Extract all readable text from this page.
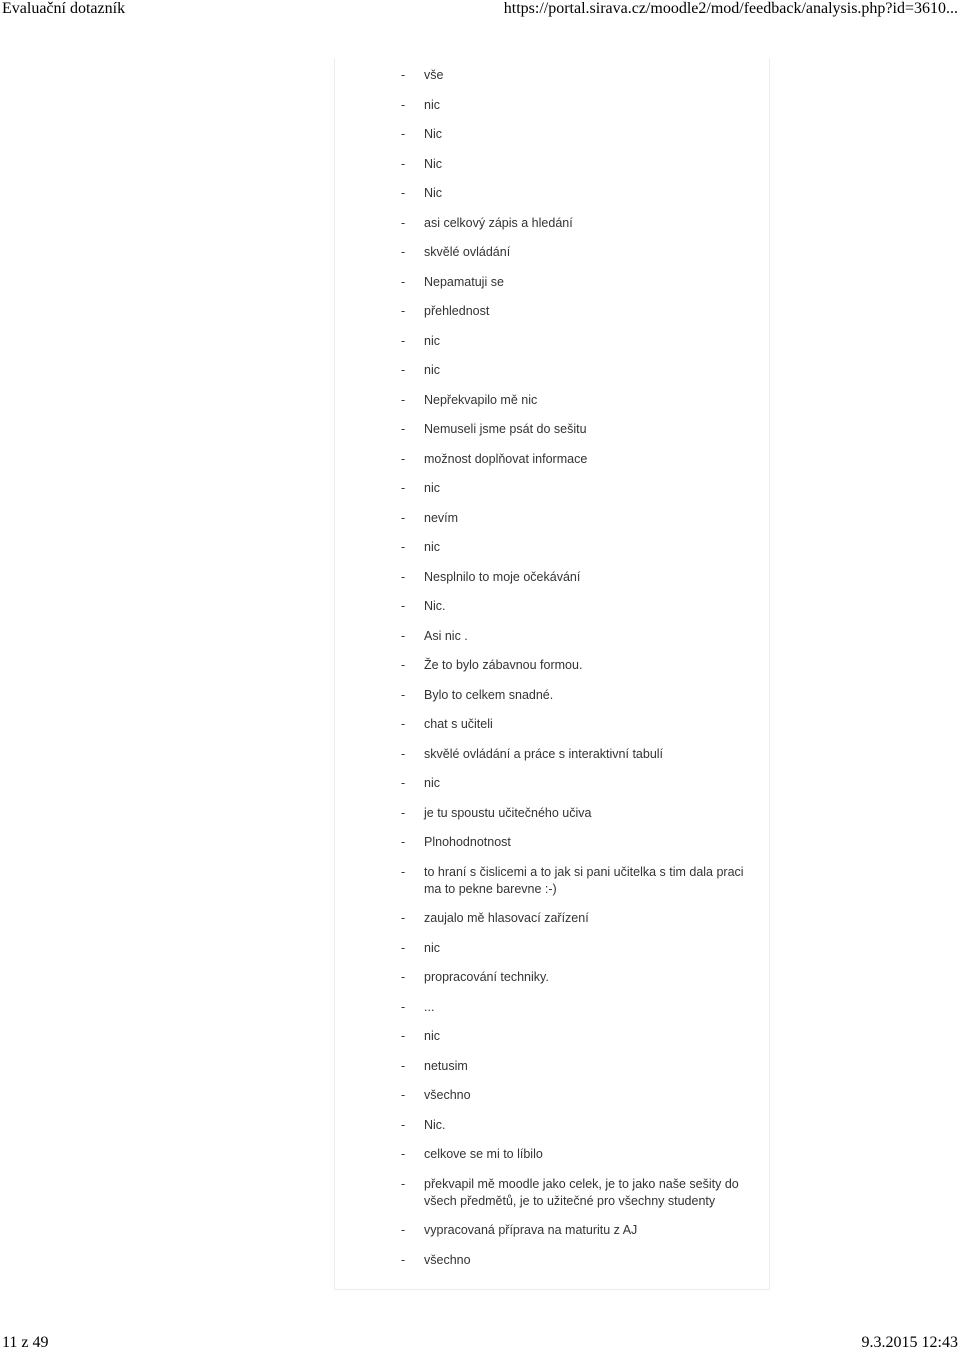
Evaluační dotazník	https://portal.sirava.cz/moodle2/mod/feedback/analysis.php?id=3610...
- vše
- nic
- Nic
- Nic
- Nic
- asi celkový zápis a hledání
- skvělé ovládání
- Nepamatuji se
- přehlednost
- nic
- nic
- Nepřekvapilo mě nic
- Nemuseli jsme psát do sešitu
- možnost doplňovat informace
- nic
- nevím
- nic
- Nesplnilo to moje očekávání
- Nic.
- Asi nic .
- Že to bylo zábavnou formou.
- Bylo to celkem snadné.
- chat s učiteli
- skvělé ovládání a práce s interaktivní tabulí
- nic
- je tu spoustu učitečného učiva
- Plnohodnotnost
- to hraní s čislicemi a to jak si pani učitelka s tim dala praci ma to pekne barevne :-)
- zaujalo mě hlasovací zařízení
- nic
- propracování techniky.
- ...
- nic
- netusim
- všechno
- Nic.
- celkove se mi to líbilo
- překvapil mě moodle jako celek, je to jako naše sešity do všech předmětů, je to užitečné pro všechny studenty
- vypracovaná příprava na maturitu z AJ
- všechno
11 z 49	9.3.2015 12:43
